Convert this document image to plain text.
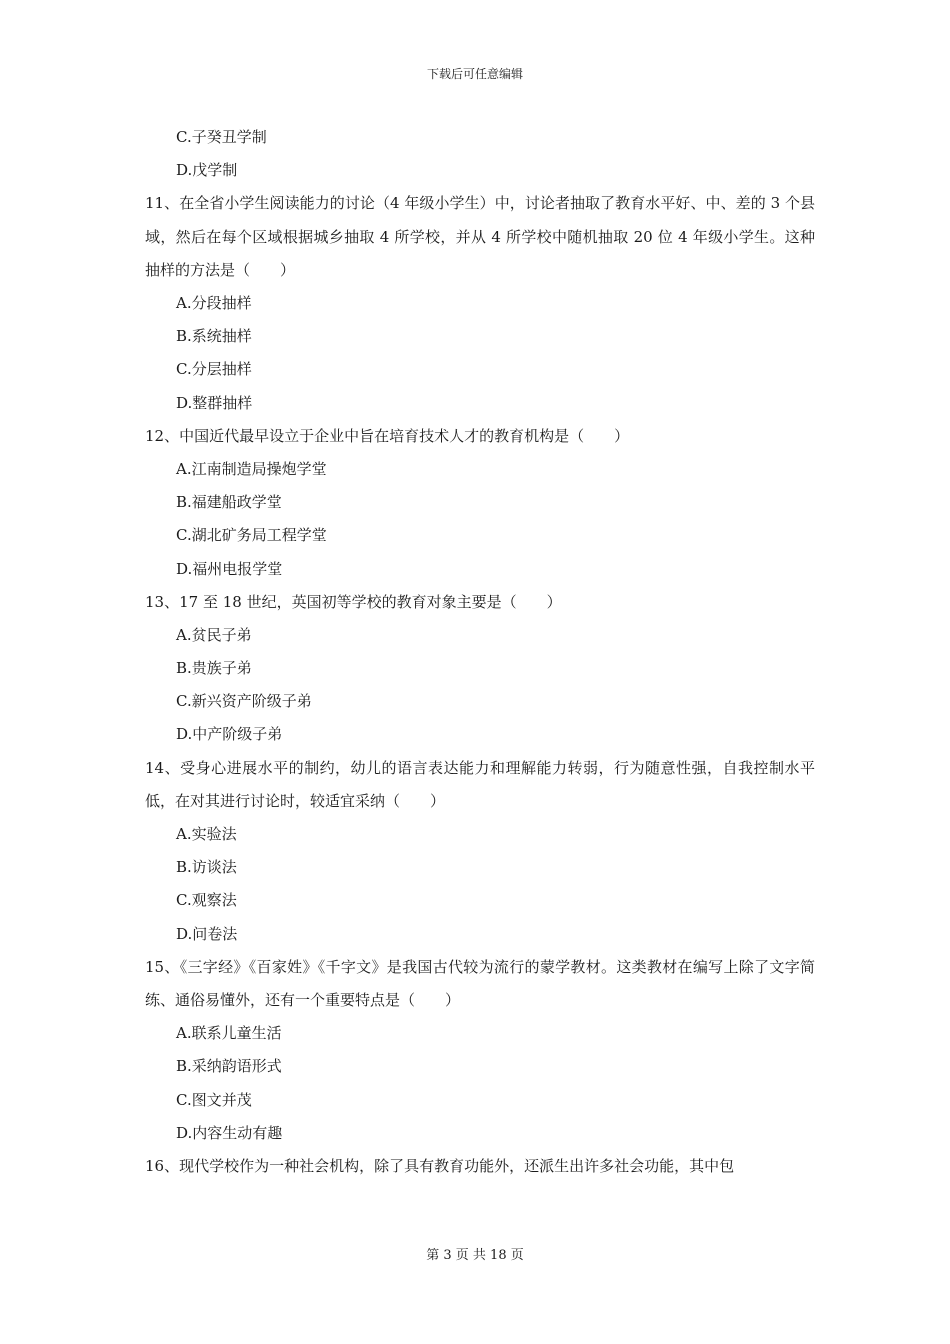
下载后可任意编辑
C.子癸丑学制
D.戊学制
11、在全省小学生阅读能力的讨论（4 年级小学生）中，讨论者抽取了教育水平好、中、差的 3 个县域，然后在每个区域根据城乡抽取 4 所学校，并从 4 所学校中随机抽取 20 位 4 年级小学生。这种抽样的方法是（　　）
A.分段抽样
B.系统抽样
C.分层抽样
D.整群抽样
12、中国近代最早设立于企业中旨在培育技术人才的教育机构是（　　）
A.江南制造局操炮学堂
B.福建船政学堂
C.湖北矿务局工程学堂
D.福州电报学堂
13、17 至 18 世纪，英国初等学校的教育对象主要是（　　）
A.贫民子弟
B.贵族子弟
C.新兴资产阶级子弟
D.中产阶级子弟
14、受身心进展水平的制约，幼儿的语言表达能力和理解能力转弱，行为随意性强，自我控制水平低，在对其进行讨论时，较适宜采纳（　　）
A.实验法
B.访谈法
C.观察法
D.问卷法
15、《三字经》《百家姓》《千字文》是我国古代较为流行的蒙学教材。这类教材在编写上除了文字简练、通俗易懂外，还有一个重要特点是（　　）
A.联系儿童生活
B.采纳韵语形式
C.图文并茂
D.内容生动有趣
16、现代学校作为一种社会机构，除了具有教育功能外，还派生出许多社会功能，其中包
第 3 页 共 18 页
